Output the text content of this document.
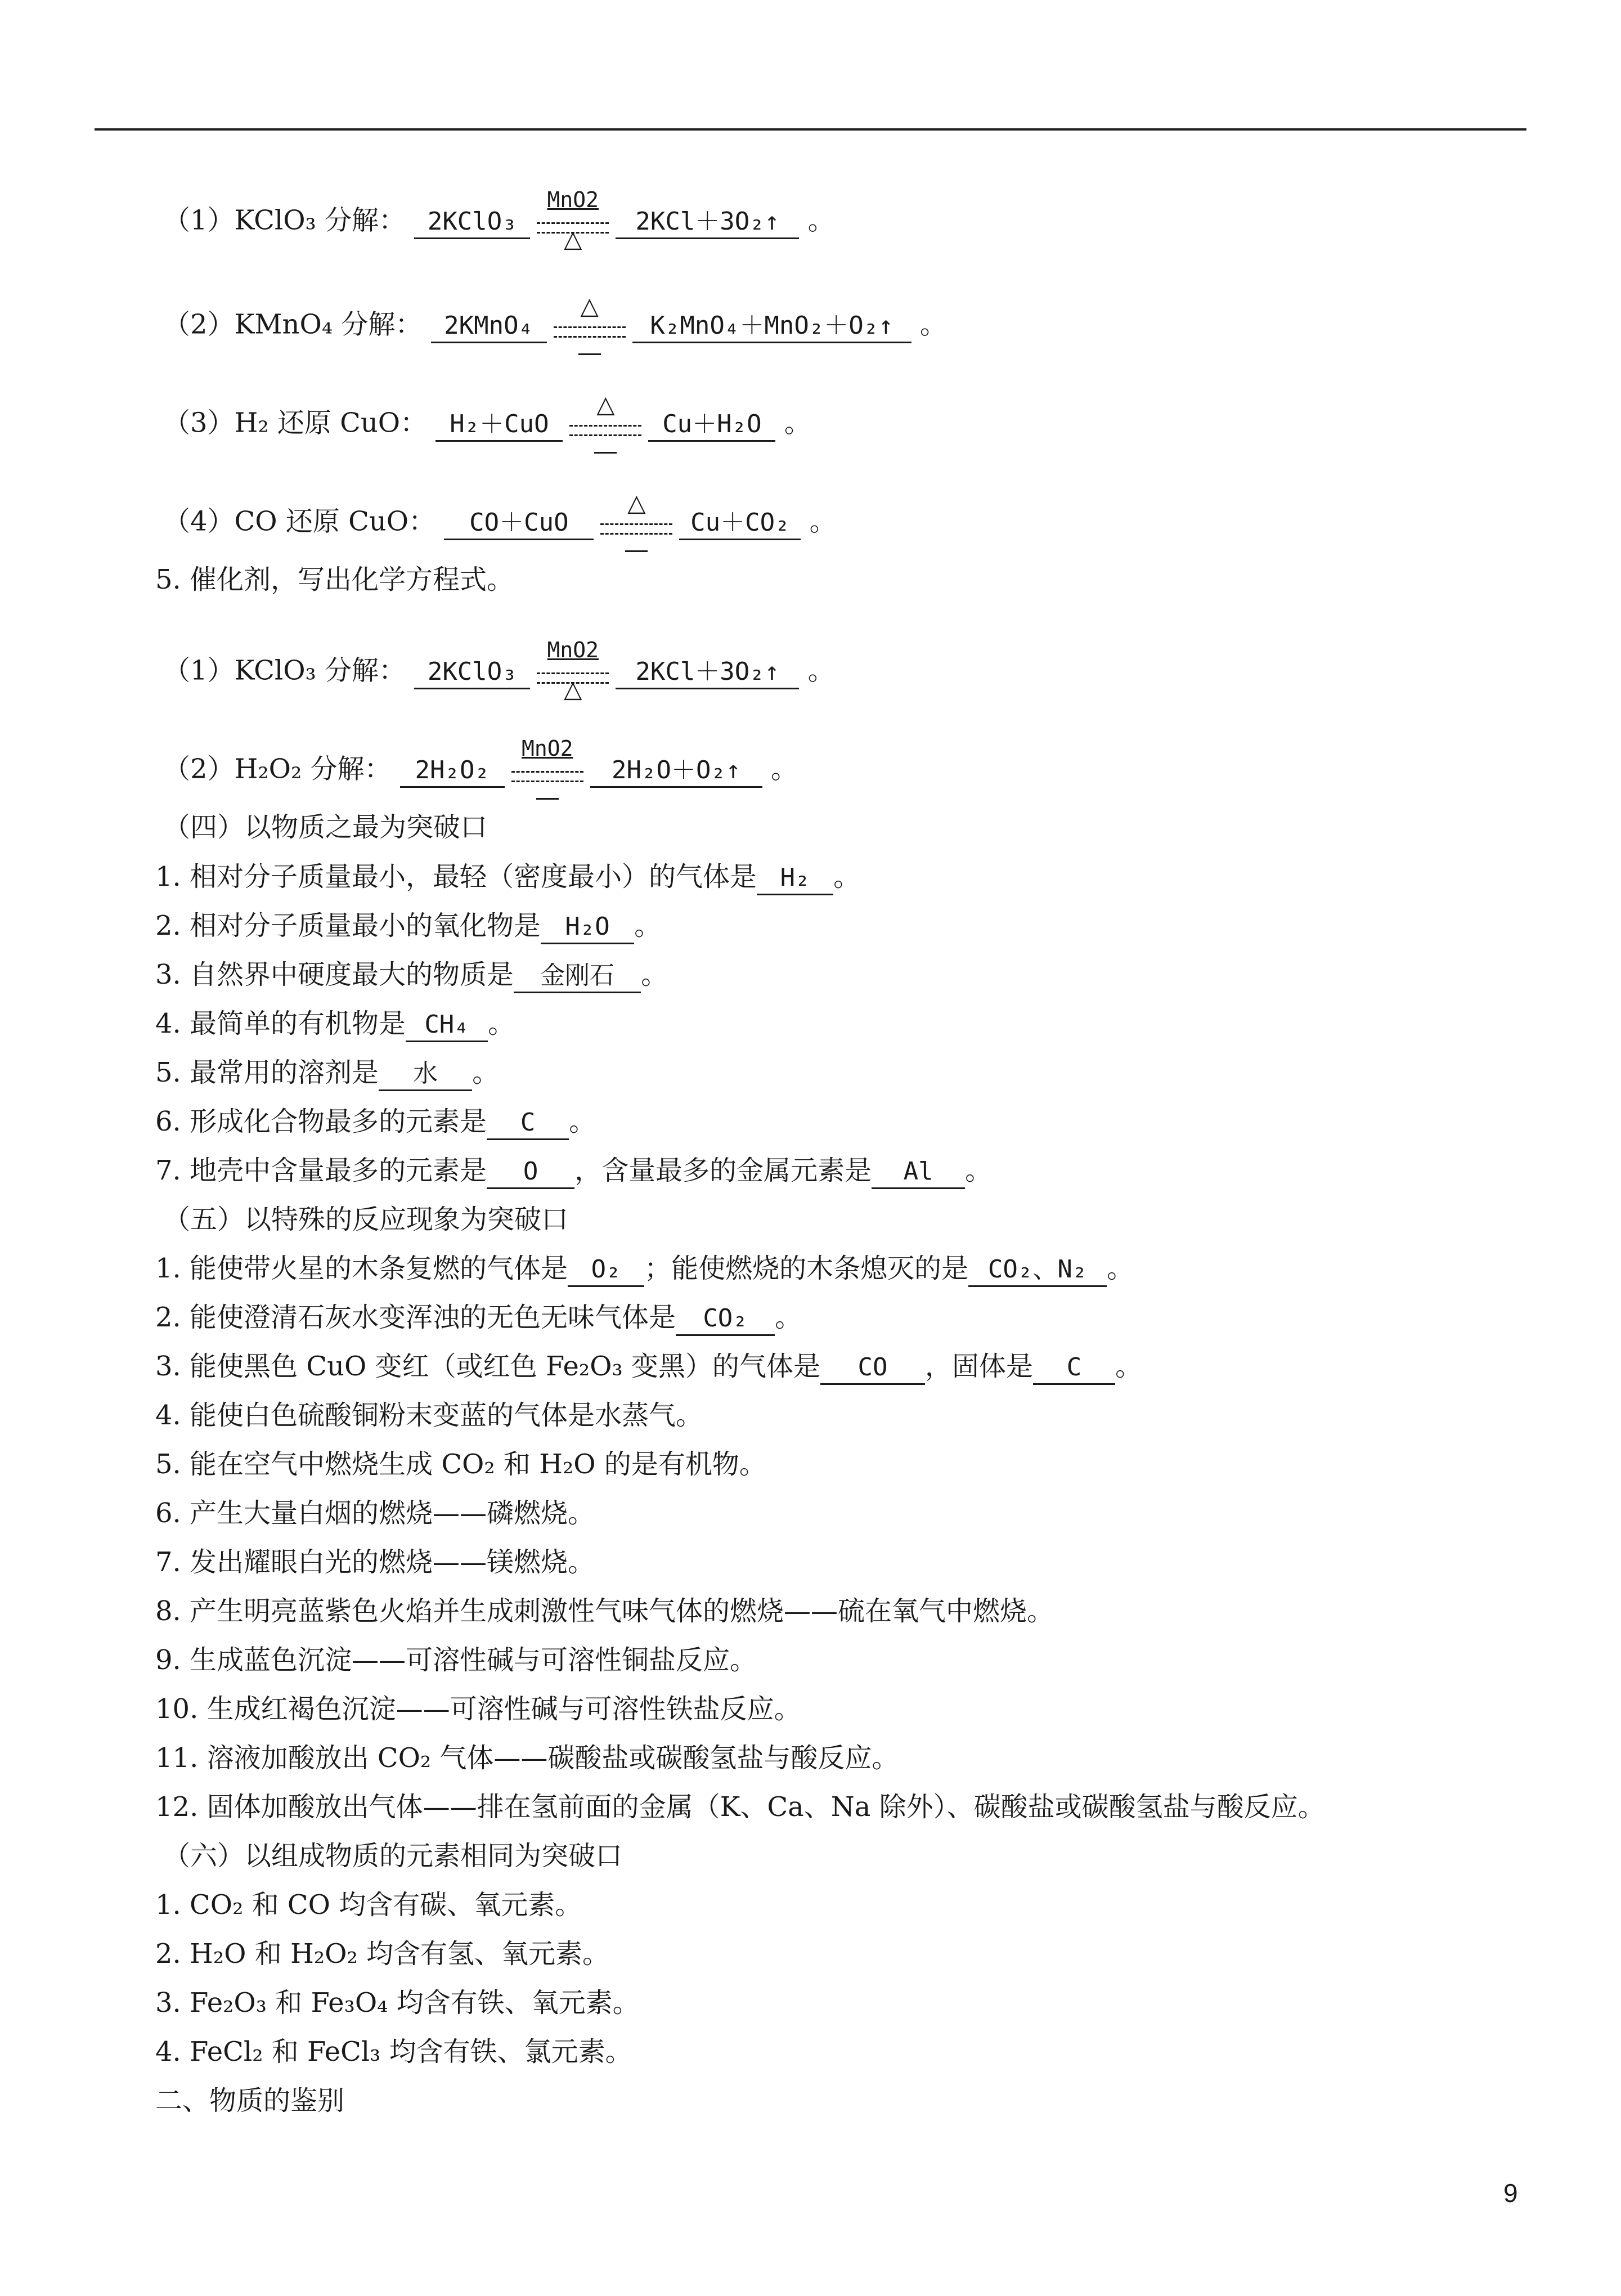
（1）KClO₃ 分解： 2KClO₃
MnO2
△
2KCl＋3O₂↑ 。
（2）KMnO₄ 分解： 2KMnO₄
△
K₂MnO₄＋MnO₂＋O₂↑ 。
（3）H₂ 还原 CuO： H₂＋CuO
△
Cu＋H₂O 。
（4）CO 还原 CuO： CO＋CuO
△
Cu＋CO₂ 。
5. 催化剂，写出化学方程式。
（1）KClO₃ 分解： 2KClO₃
MnO2
△
2KCl＋3O₂↑ 。
（2）H₂O₂ 分解： 2H₂O₂
MnO2
2H₂O＋O₂↑ 。
（四）以物质之最为突破口
1. 相对分子质量最小，最轻（密度最小）的气体是 H₂ 。
2. 相对分子质量最小的氧化物是 H₂O 。
3. 自然界中硬度最大的物质是 金刚石 。
4. 最简单的有机物是 CH₄ 。
5. 最常用的溶剂是 水 。
6. 形成化合物最多的元素是 C 。
7. 地壳中含量最多的元素是 O ，含量最多的金属元素是 Al 。
（五）以特殊的反应现象为突破口
1. 能使带火星的木条复燃的气体是 O₂ ；能使燃烧的木条熄灭的是 CO₂、N₂ 。
2. 能使澄清石灰水变浑浊的无色无味气体是 CO₂ 。
3. 能使黑色 CuO 变红（或红色 Fe₂O₃ 变黑）的气体是 CO ，固体是 C 。
4. 能使白色硫酸铜粉末变蓝的气体是水蒸气。
5. 能在空气中燃烧生成 CO₂ 和 H₂O 的是有机物。
6. 产生大量白烟的燃烧——磷燃烧。
7. 发出耀眼白光的燃烧——镁燃烧。
8. 产生明亮蓝紫色火焰并生成刺激性气味气体的燃烧——硫在氧气中燃烧。
9. 生成蓝色沉淀——可溶性碱与可溶性铜盐反应。
10. 生成红褐色沉淀——可溶性碱与可溶性铁盐反应。
11. 溶液加酸放出 CO₂ 气体——碳酸盐或碳酸氢盐与酸反应。
12. 固体加酸放出气体——排在氢前面的金属（K、Ca、Na 除外）、碳酸盐或碳酸氢盐与酸反应。
（六）以组成物质的元素相同为突破口
1. CO₂ 和 CO 均含有碳、氧元素。
2. H₂O 和 H₂O₂ 均含有氢、氧元素。
3. Fe₂O₃ 和 Fe₃O₄ 均含有铁、氧元素。
4. FeCl₂ 和 FeCl₃ 均含有铁、氯元素。
二、物质的鉴别
9
